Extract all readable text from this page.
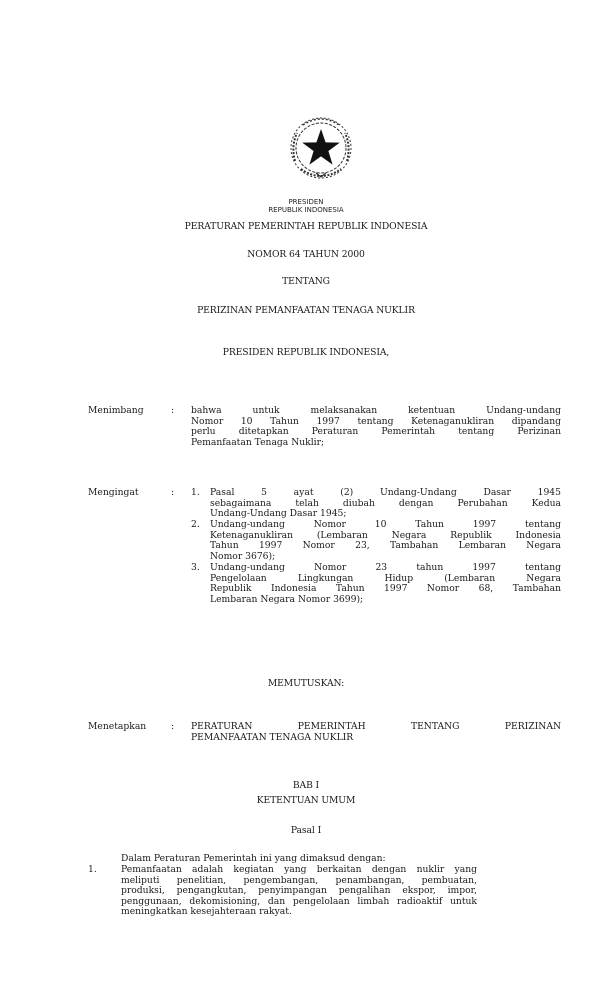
PRESIDEN
REPUBLIK INDONESIA
PERATURAN PEMERINTAH REPUBLIK INDONESIA
NOMOR 64 TAHUN 2000
TENTANG
PERIZINAN PEMANFAATAN TENAGA NUKLIR
PRESIDEN REPUBLIK INDONESIA,
Menimbang	: bahwa untuk melaksanakan ketentuan Undang-undang
Nomor 10 Tahun 1997 tentang Ketenaganukliran dipandang
perlu ditetapkan Peraturan Pemerintah tentang Perizinan
Pemanfaatan Tenaga Nuklir;
Mengingat	: 1. Pasal 5 ayat (2) Undang-Undang Dasar 1945
sebagaimana telah diubah dengan Perubahan Kedua
Undang-Undang Dasar 1945;
2. Undang-undang Nomor 10 Tahun 1997 tentang
Ketenaganukliran (Lembaran Negara Republik Indonesia
Tahun 1997 Nomor 23, Tambahan Lembaran Negara
Nomor 3676);
3. Undang-undang Nomor 23 tahun 1997 tentang
Pengelolaan Lingkungan Hidup (Lembaran Negara
Republik Indonesia Tahun 1997 Nomor 68, Tambahan
Lembaran Negara Nomor 3699);
MEMUTUSKAN:
Menetapkan	: PERATURAN PEMERINTAH TENTANG PERIZINAN
PEMANFAATAN TENAGA NUKLIR
BAB I
KETENTUAN UMUM
Pasal I
Dalam Peraturan Pemerintah ini yang dimaksud dengan:
1.	Pemanfaatan adalah kegiatan yang berkaitan dengan nuklir yang
meliputi penelitian, pengembangan, penambangan, pembuatan,
produksi, pengangkutan, penyimpangan pengalihan ekspor, impor,
penggunaan, dekomisioning, dan pengelolaan limbah radioaktif untuk
meningkatkan kesejahteraan rakyat.
